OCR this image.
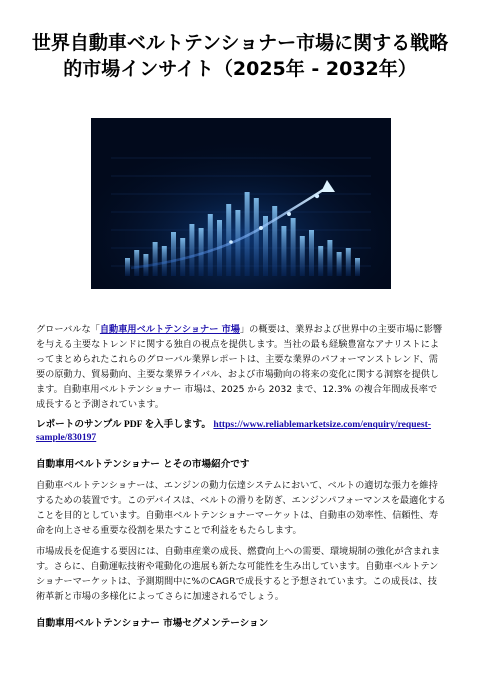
世界自動車ベルトテンショナー市場に関する戦略的市場インサイト（2025年 - 2032年）

グローバルな「自動車用ベルトテンショナー 市場」の概要は、業界および世界中の主要市場に影響を与える主要なトレンドに関する独自の視点を提供します。当社の最も経験豊富なアナリストによってまとめられたこれらのグローバル業界レポートは、主要な業界のパフォーマンストレンド、需要の原動力、貿易動向、主要な業界ライバル、および市場動向の将来の変化に関する洞察を提供します。自動車用ベルトテンショナー 市場は、2025 から 2032 まで、12.3% の複合年間成長率で成長すると予測されています。

レポートのサンプル PDF を入手します。 https://www.reliablemarketsize.com/enquiry/request-sample/830197

自動車用ベルトテンショナー とその市場紹介です

自動車ベルトテンショナーは、エンジンの動力伝達システムにおいて、ベルトの適切な張力を維持するための装置です。このデバイスは、ベルトの滑りを防ぎ、エンジンパフォーマンスを最適化することを目的としています。自動車ベルトテンショナーマーケットは、自動車の効率性、信頼性、寿命を向上させる重要な役割を果たすことで利益をもたらします。

市場成長を促進する要因には、自動車産業の成長、燃費向上への需要、環境規制の強化が含まれます。さらに、自動運転技術や電動化の進展も新たな可能性を生み出しています。自動車ベルトテンショナーマーケットは、予測期間中に%のCAGRで成長すると予想されています。この成長は、技術革新と市場の多様化によってさらに加速されるでしょう。

自動車用ベルトテンショナー 市場セグメンテーション
